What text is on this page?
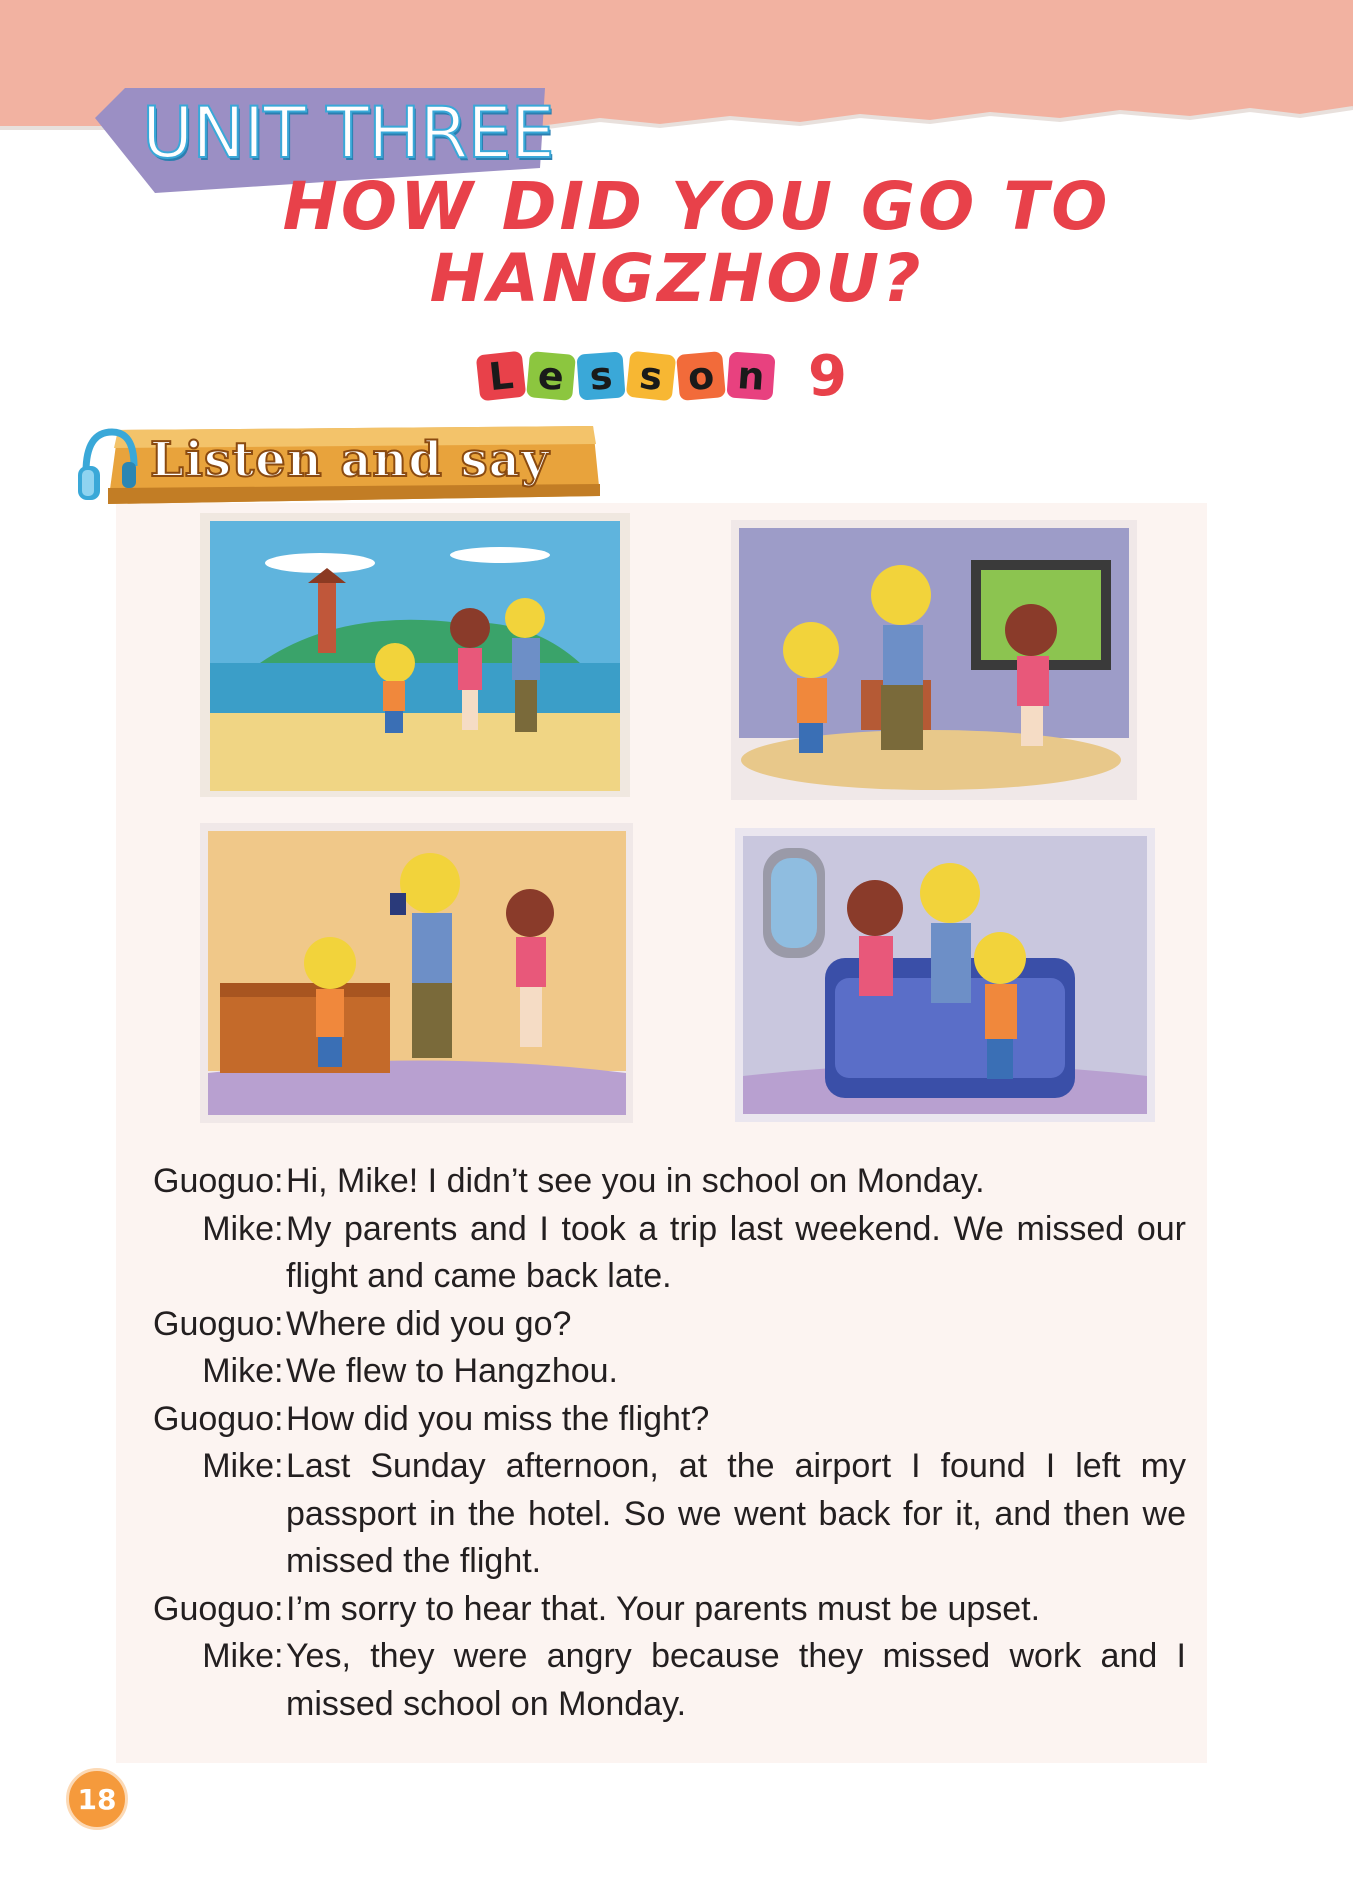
UNIT THREE
HOW DID YOU GO TO
HANGZHOU?
L e s s o n 9
Listen and say
Guoguo : Hi, Mike! I didn’t see you in school on Monday.
Mike : My parents and I took a trip last weekend. We missed our flight and came back late.
Guoguo : Where did you go?
Mike : We flew to Hangzhou.
Guoguo : How did you miss the flight?
Mike : Last Sunday afternoon, at the airport I found I left my passport in the hotel. So we went back for it, and then we missed the flight.
Guoguo : I’m sorry to hear that. Your parents must be upset.
Mike : Yes, they were angry because they missed work and I missed school on Monday.
18
